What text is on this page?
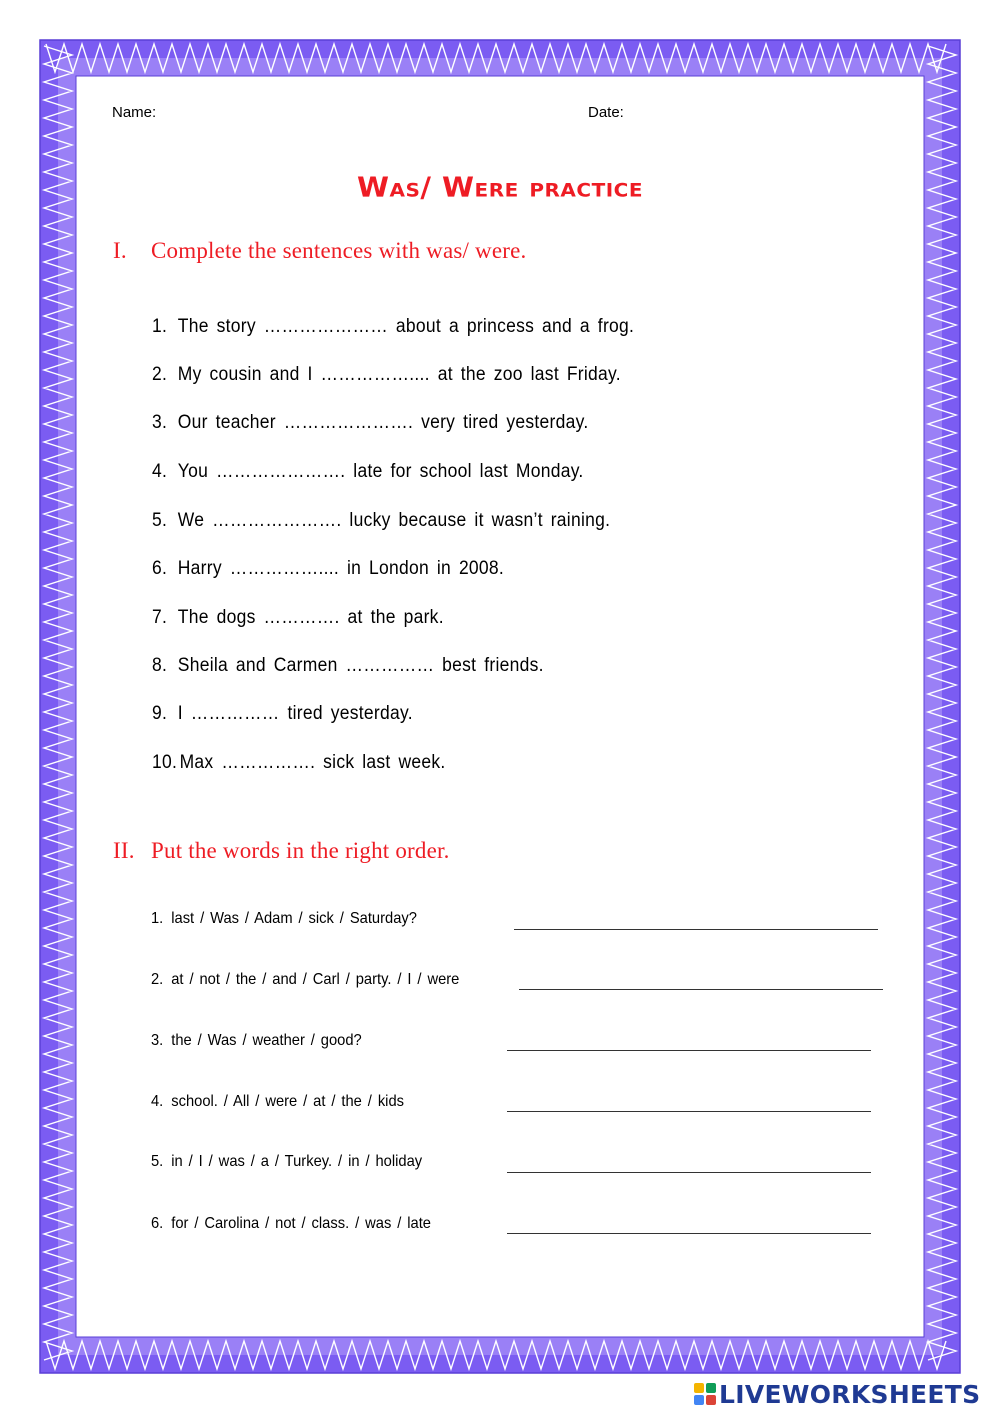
Name:	Date:
Was/ Were practice
I. Complete the sentences with was/ were.
1. The story ………………… about a princess and a frog.
2. My cousin and I …………….... at the zoo last Friday.
3. Our teacher …………………. very tired yesterday.
4. You …………………. late for school last Monday.
5. We …………………. lucky because it wasn’t raining.
6. Harry …………….... in London in 2008.
7. The dogs …………. at the park.
8. Sheila and Carmen …………… best friends.
9. I …………… tired yesterday.
10. Max ……………. sick last week.
II. Put the words in the right order.
1. last / Was / Adam / sick / Saturday?
2. at / not / the / and / Carl / party. / I / were
3. the / Was / weather / good?
4. school. / All / were / at / the / kids
5. in / I / was / a / Turkey. / in / holiday
6. for / Carolina / not / class. / was / late
LIVEWORKSHEETS
